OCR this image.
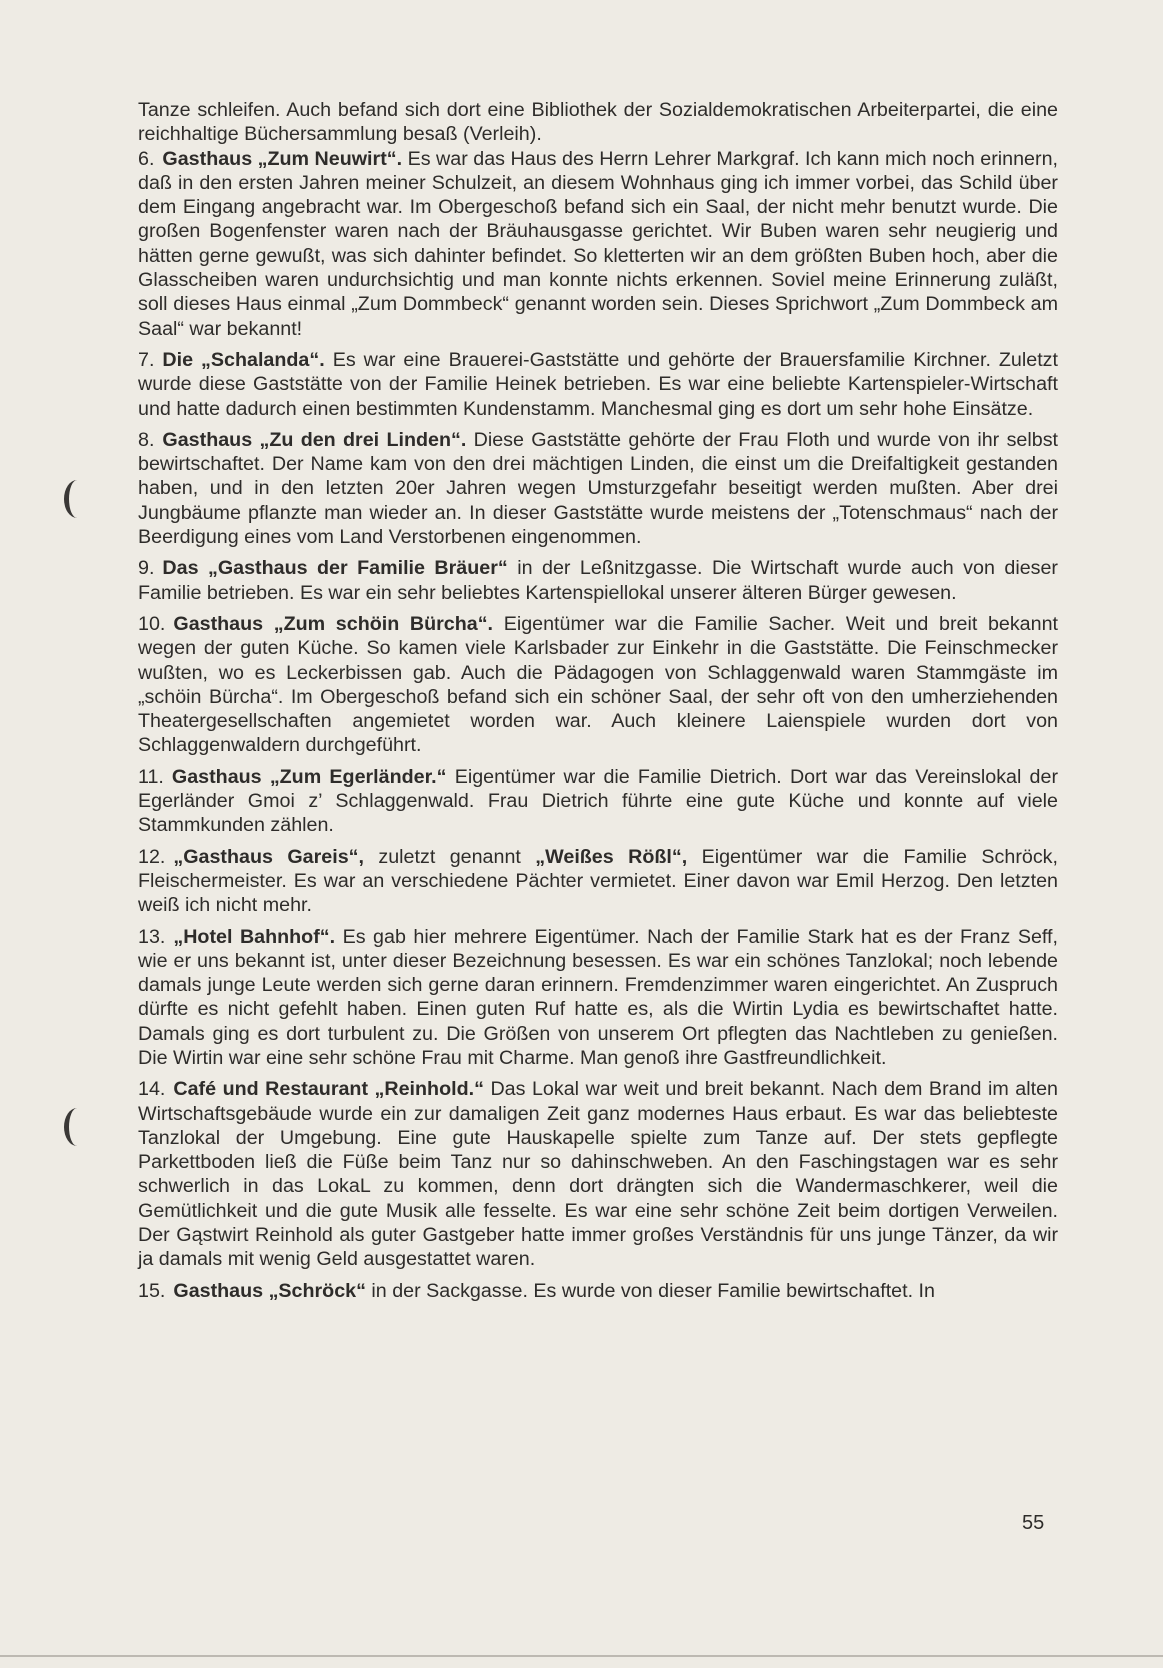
Tanze schleifen. Auch befand sich dort eine Bibliothek der Sozialdemokratischen Arbeiterpartei, die eine reichhaltige Büchersammlung besaß (Verleih).

6. Gasthaus „Zum Neuwirt“. Es war das Haus des Herrn Lehrer Markgraf. Ich kann mich noch erinnern, daß in den ersten Jahren meiner Schulzeit, an diesem Wohnhaus ging ich immer vorbei, das Schild über dem Eingang angebracht war. Im Obergeschoß befand sich ein Saal, der nicht mehr benutzt wurde. Die großen Bogenfenster waren nach der Bräuhausgasse gerichtet. Wir Buben waren sehr neugierig und hätten gerne gewußt, was sich dahinter befindet. So kletterten wir an dem größten Buben hoch, aber die Glasscheiben waren undurchsichtig und man konnte nichts erkennen. Soviel meine Erinnerung zuläßt, soll dieses Haus einmal „Zum Dommbeck“ genannt worden sein. Dieses Sprichwort „Zum Dommbeck am Saal“ war bekannt!

7. Die „Schalanda“. Es war eine Brauerei-Gaststätte und gehörte der Brauersfamilie Kirchner. Zuletzt wurde diese Gaststätte von der Familie Heinek betrieben. Es war eine beliebte Kartenspieler-Wirtschaft und hatte dadurch einen bestimmten Kundenstamm. Manchesmal ging es dort um sehr hohe Einsätze.

8. Gasthaus „Zu den drei Linden“. Diese Gaststätte gehörte der Frau Floth und wurde von ihr selbst bewirtschaftet. Der Name kam von den drei mächtigen Linden, die einst um die Dreifaltigkeit gestanden haben, und in den letzten 20er Jahren wegen Umsturzgefahr beseitigt werden mußten. Aber drei Jungbäume pflanzte man wieder an. In dieser Gaststätte wurde meistens der „Totenschmaus“ nach der Beerdigung eines vom Land Verstorbenen eingenommen.

9. Das „Gasthaus der Familie Bräuer“ in der Leßnitzgasse. Die Wirtschaft wurde auch von dieser Familie betrieben. Es war ein sehr beliebtes Kartenspiellokal unserer älteren Bürger gewesen.

10. Gasthaus „Zum schöin Bürcha“. Eigentümer war die Familie Sacher. Weit und breit bekannt wegen der guten Küche. So kamen viele Karlsbader zur Einkehr in die Gaststätte. Die Feinschmecker wußten, wo es Leckerbissen gab. Auch die Pädagogen von Schlaggenwald waren Stammgäste im „schöin Bürcha“. Im Obergeschoß befand sich ein schöner Saal, der sehr oft von den umherziehenden Theatergesellschaften angemietet worden war. Auch kleinere Laienspiele wurden dort von Schlaggenwaldern durchgeführt.

11. Gasthaus „Zum Egerländer.“ Eigentümer war die Familie Dietrich. Dort war das Vereinslokal der Egerländer Gmoi z’ Schlaggenwald. Frau Dietrich führte eine gute Küche und konnte auf viele Stammkunden zählen.

12. „Gasthaus Gareis“, zuletzt genannt „Weißes Rößl“, Eigentümer war die Familie Schröck, Fleischermeister. Es war an verschiedene Pächter vermietet. Einer davon war Emil Herzog. Den letzten weiß ich nicht mehr.

13. „Hotel Bahnhof“. Es gab hier mehrere Eigentümer. Nach der Familie Stark hat es der Franz Seff, wie er uns bekannt ist, unter dieser Bezeichnung besessen. Es war ein schönes Tanzlokal; noch lebende damals junge Leute werden sich gerne daran erinnern. Fremdenzimmer waren eingerichtet. An Zuspruch dürfte es nicht gefehlt haben. Einen guten Ruf hatte es, als die Wirtin Lydia es bewirtschaftet hatte. Damals ging es dort turbulent zu. Die Größen von unserem Ort pflegten das Nachtleben zu genießen. Die Wirtin war eine sehr schöne Frau mit Charme. Man genoß ihre Gastfreundlichkeit.

14. Café und Restaurant „Reinhold.“ Das Lokal war weit und breit bekannt. Nach dem Brand im alten Wirtschaftsgebäude wurde ein zur damaligen Zeit ganz modernes Haus erbaut. Es war das beliebteste Tanzlokal der Umgebung. Eine gute Hauskapelle spielte zum Tanze auf. Der stets gepflegte Parkettboden ließ die Füße beim Tanz nur so dahinschweben. An den Faschingstagen war es sehr schwerlich in das LokaL zu kommen, denn dort drängten sich die Wandermaschkerer, weil die Gemütlichkeit und die gute Musik alle fesselte. Es war eine sehr schöne Zeit beim dortigen Verweilen. Der Gąstwirt Reinhold als guter Gastgeber hatte immer großes Verständnis für uns junge Tänzer, da wir ja damals mit wenig Geld ausgestattet waren.

15. Gasthaus „Schröck“ in der Sackgasse. Es wurde von dieser Familie bewirtschaftet. In

55
